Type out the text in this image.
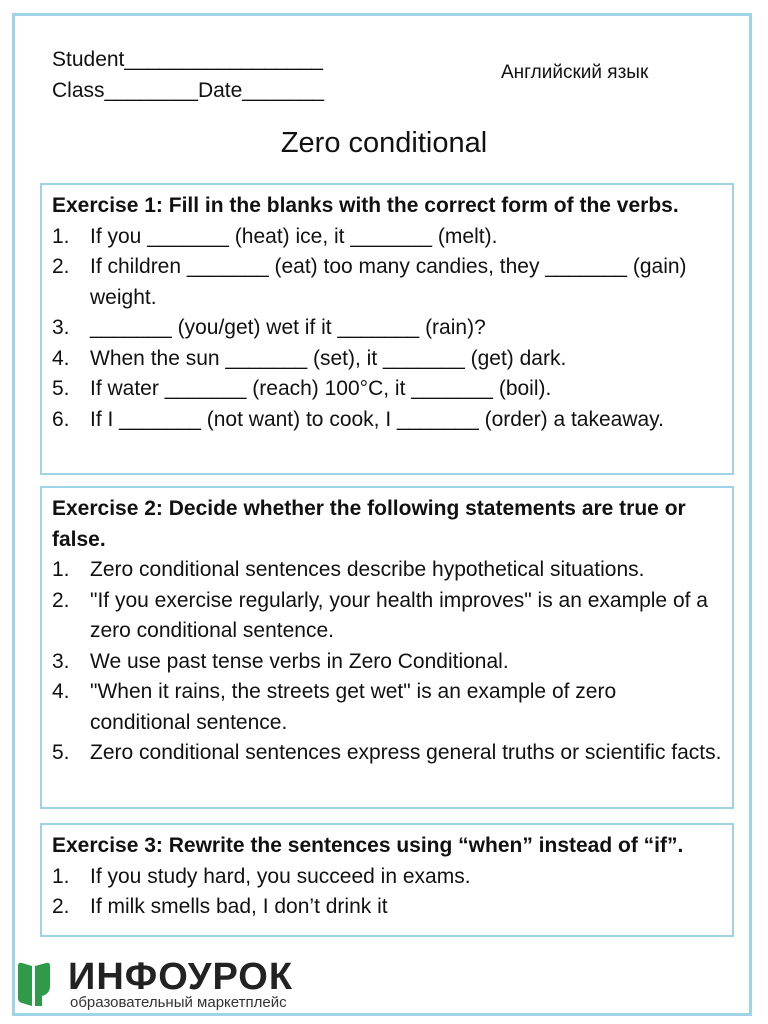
Student_________________
Class________Date_______
Английский язык
Zero conditional
Exercise 1: Fill in the blanks with the correct form of the verbs.
1. If you _______ (heat) ice, it _______ (melt).
2. If children _______ (eat) too many candies, they _______ (gain) weight.
3. _______ (you/get) wet if it _______ (rain)?
4. When the sun _______ (set), it _______ (get) dark.
5. If water _______ (reach) 100°C, it _______ (boil).
6. If I _______ (not want) to cook, I _______ (order) a takeaway.
Exercise 2: Decide whether the following statements are true or false.
1. Zero conditional sentences describe hypothetical situations.
2. "If you exercise regularly, your health improves" is an example of a zero conditional sentence.
3. We use past tense verbs in Zero Conditional.
4. "When it rains, the streets get wet" is an example of zero conditional sentence.
5. Zero conditional sentences express general truths or scientific facts.
Exercise 3: Rewrite the sentences using “when” instead of “if”.
1. If you study hard, you succeed in exams.
2. If milk smells bad, I don’t drink it
ИНФОУРОК
образовательный маркетплейс
